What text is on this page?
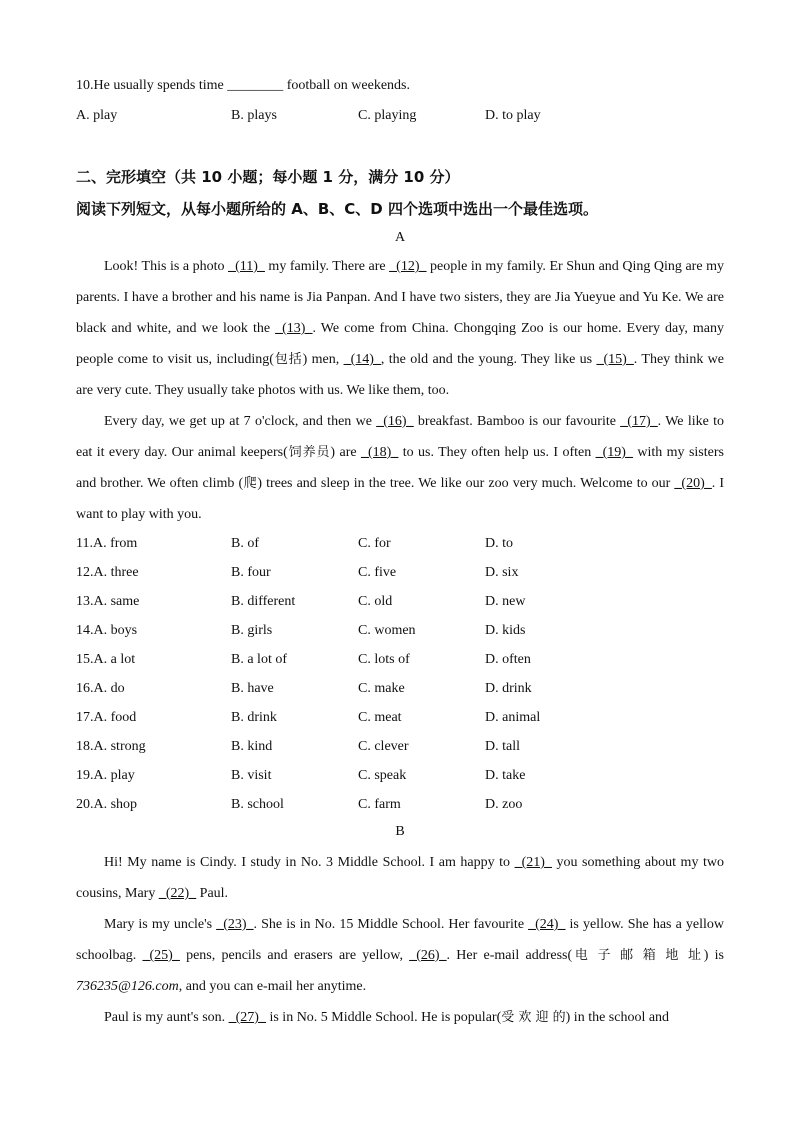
10.He usually spends time ________ football on weekends.
A. play	B. plays	C. playing	D. to play
二、完形填空（共 10 小题；每小题 1 分，满分 10 分）
阅读下列短文，从每小题所给的 A、B、C、D 四个选项中选出一个最佳选项。
A
Look! This is a photo _(11)_ my family. There are _(12)_ people in my family. Er Shun and Qing Qing are my parents. I have a brother and his name is Jia Panpan. And I have two sisters, they are Jia Yueyue and Yu Ke. We are black and white, and we look the _(13)_. We come from China. Chongqing Zoo is our home. Every day, many people come to visit us, including(包括) men, _(14)_, the old and the young. They like us _(15)_. They think we are very cute. They usually take photos with us. We like them, too.
Every day, we get up at 7 o'clock, and then we _(16)_ breakfast. Bamboo is our favourite _(17)_. We like to eat it every day. Our animal keepers(饲养员) are _(18)_ to us. They often help us. I often _(19)_ with my sisters and brother. We often climb (爬) trees and sleep in the tree. We like our zoo very much. Welcome to our _(20)_. I want to play with you.
11.A. from	B. of	C. for	D. to
12.A. three	B. four	C. five	D. six
13.A. same	B. different	C. old	D. new
14.A. boys	B. girls	C. women	D. kids
15.A. a lot	B. a lot of	C. lots of	D. often
16.A. do	B. have	C. make	D. drink
17.A. food	B. drink	C. meat	D. animal
18.A. strong	B. kind	C. clever	D. tall
19.A. play	B. visit	C. speak	D. take
20.A. shop	B. school	C. farm	D. zoo
B
Hi! My name is Cindy. I study in No. 3 Middle School. I am happy to _(21)_ you something about my two cousins, Mary _(22)_ Paul.
Mary is my uncle's _(23)_. She is in No. 15 Middle School. Her favourite _(24)_ is yellow. She has a yellow schoolbag. _(25)_ pens, pencils and erasers are yellow, _(26)_. Her e-mail address(电 子 邮 箱 地 址) is 736235@126.com, and you can e-mail her anytime.
Paul is my aunt's son. _(27)_ is in No. 5 Middle School. He is popular(受 欢 迎 的) in the school and
